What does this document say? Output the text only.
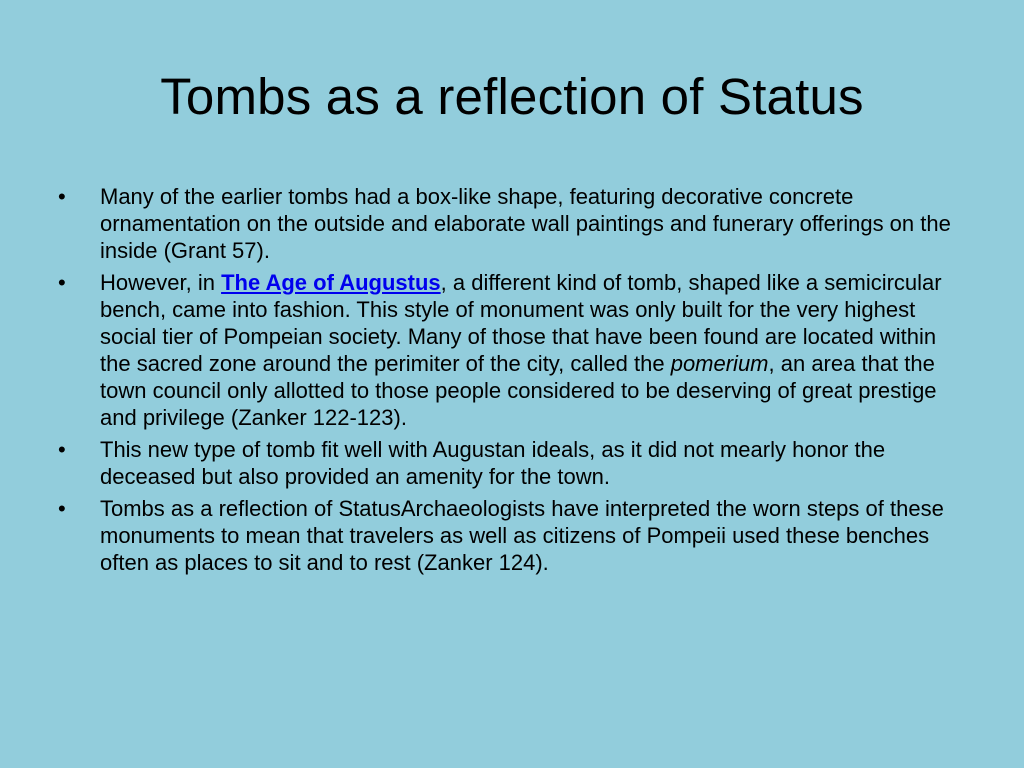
Tombs as a reflection of Status
•	Many of the earlier tombs had a box-like shape, featuring decorative concrete ornamentation on the outside and elaborate wall paintings and funerary offerings on the inside (Grant 57).
•	However, in The Age of Augustus, a different kind of tomb, shaped like a semicircular bench, came into fashion. This style of monument was only built for the very highest social tier of Pompeian society. Many of those that have been found are located within the sacred zone around the perimiter of the city, called the pomerium, an area that the town council only allotted to those people considered to be deserving of great prestige and privilege (Zanker 122-123).
•	This new type of tomb fit well with Augustan ideals, as it did not mearly honor the deceased but also provided an amenity for the town.
•	Tombs as a reflection of StatusArchaeologists have interpreted the worn steps of these monuments to mean that travelers as well as citizens of Pompeii used these benches often as places to sit and to rest (Zanker 124).
